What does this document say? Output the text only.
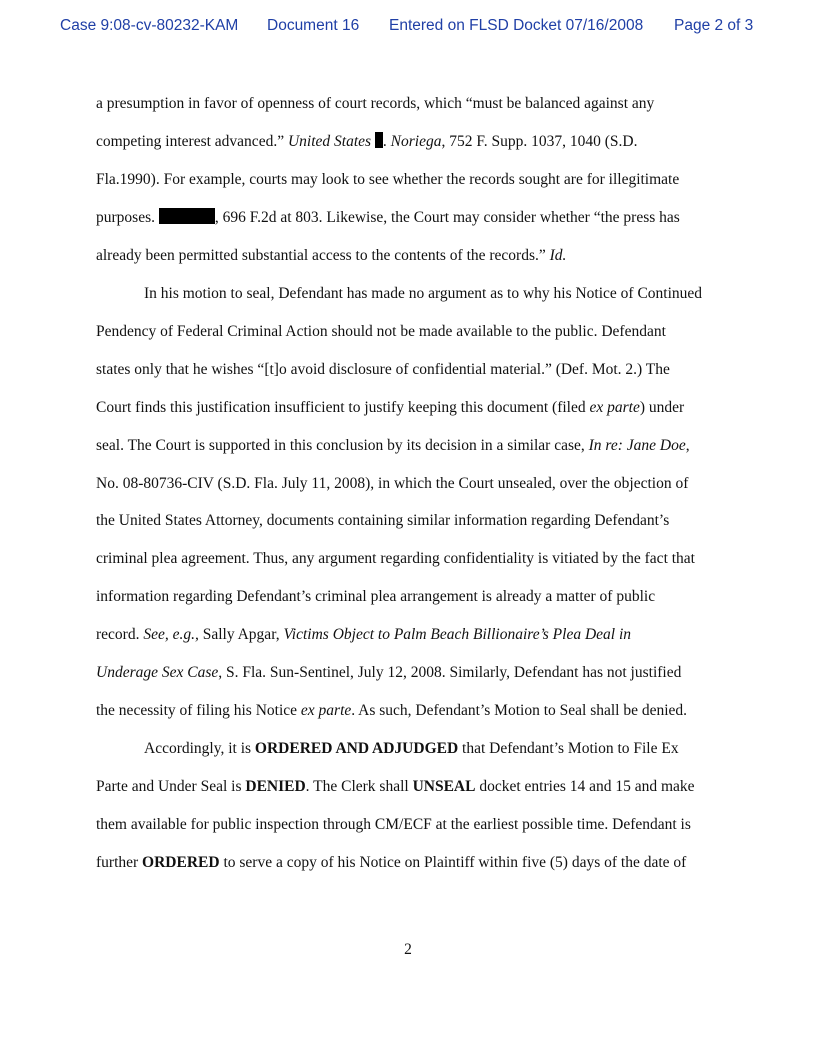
Case 9:08-cv-80232-KAM Document 16 Entered on FLSD Docket 07/16/2008 Page 2 of 3
a presumption in favor of openness of court records, which “must be balanced against any
competing interest advanced.” United States . Noriega, 752 F. Supp. 1037, 1040 (S.D.
Fla.1990). For example, courts may look to see whether the records sought are for illegitimate
purposes.	, 696 F.2d at 803. Likewise, the Court may consider whether “the press has
already been permitted substantial access to the contents of the records.” Id.
In his motion to seal, Defendant has made no argument as to why his Notice of Continued
Pendency of Federal Criminal Action should not be made available to the public. Defendant
states only that he wishes “[t]o avoid disclosure of confidential material.” (Def. Mot. 2.) The
Court finds this justification insufficient to justify keeping this document (filed ex parte) under
seal. The Court is supported in this conclusion by its decision in a similar case, In re: Jane Doe,
No. 08-80736-CIV (S.D. Fla. July 11, 2008), in which the Court unsealed, over the objection of
the United States Attorney, documents containing similar information regarding Defendant’s
criminal plea agreement. Thus, any argument regarding confidentiality is vitiated by the fact that
information regarding Defendant’s criminal plea arrangement is already a matter of public
record. See, e.g., Sally Apgar, Victims Object to Palm Beach Billionaire’s Plea Deal in
Underage Sex Case, S. Fla. Sun-Sentinel, July 12, 2008. Similarly, Defendant has not justified
the necessity of filing his Notice ex parte. As such, Defendant’s Motion to Seal shall be denied.
Accordingly, it is ORDERED AND ADJUDGED that Defendant’s Motion to File Ex
Parte and Under Seal is DENIED. The Clerk shall UNSEAL docket entries 14 and 15 and make
them available for public inspection through CM/ECF at the earliest possible time. Defendant is
further ORDERED to serve a copy of his Notice on Plaintiff within five (5) days of the date of
2
